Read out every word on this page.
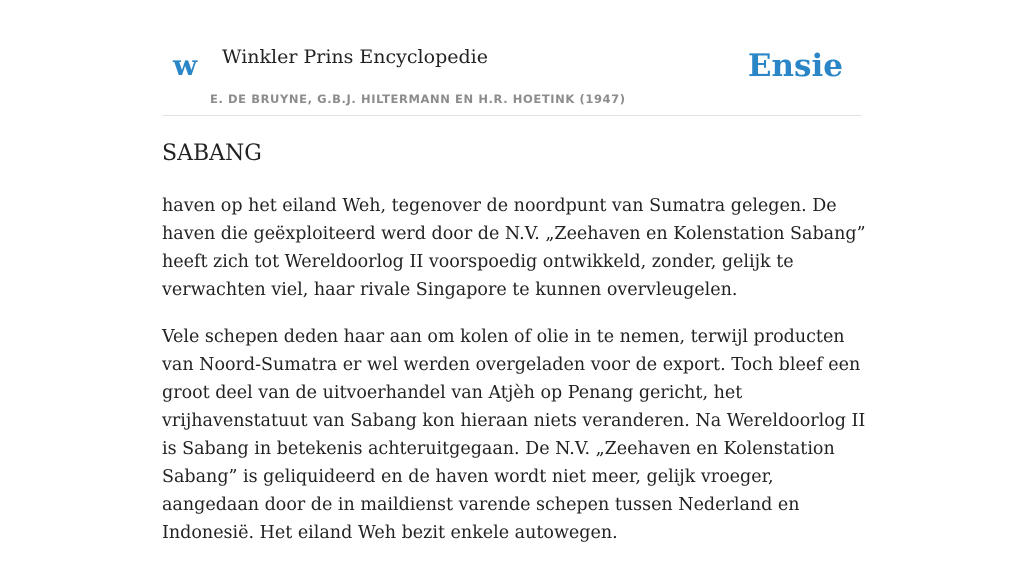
w Winkler Prins Encyclopedie
E. DE BRUYNE, G.B.J. HILTERMANN EN H.R. HOETINK (1947)
Ensie
SABANG

haven op het eiland Weh, tegenover de noordpunt van Sumatra gelegen. De haven die geëxploiteerd werd door de N.V. „Zeehaven en Kolenstation Sabang” heeft zich tot Wereldoorlog II voorspoedig ontwikkeld, zonder, gelijk te verwachten viel, haar rivale Singapore te kunnen overvleugelen.

Vele schepen deden haar aan om kolen of olie in te nemen, terwijl producten van Noord-Sumatra er wel werden overgeladen voor de export. Toch bleef een groot deel van de uitvoerhandel van Atjèh op Penang gericht, het vrijhavenstatuut van Sabang kon hieraan niets veranderen. Na Wereldoorlog II is Sabang in betekenis achteruitgegaan. De N.V. „Zeehaven en Kolenstation Sabang” is geliquideerd en de haven wordt niet meer, gelijk vroeger, aangedaan door de in maildienst varende schepen tussen Nederland en Indonesië. Het eiland Weh bezit enkele autowegen.
